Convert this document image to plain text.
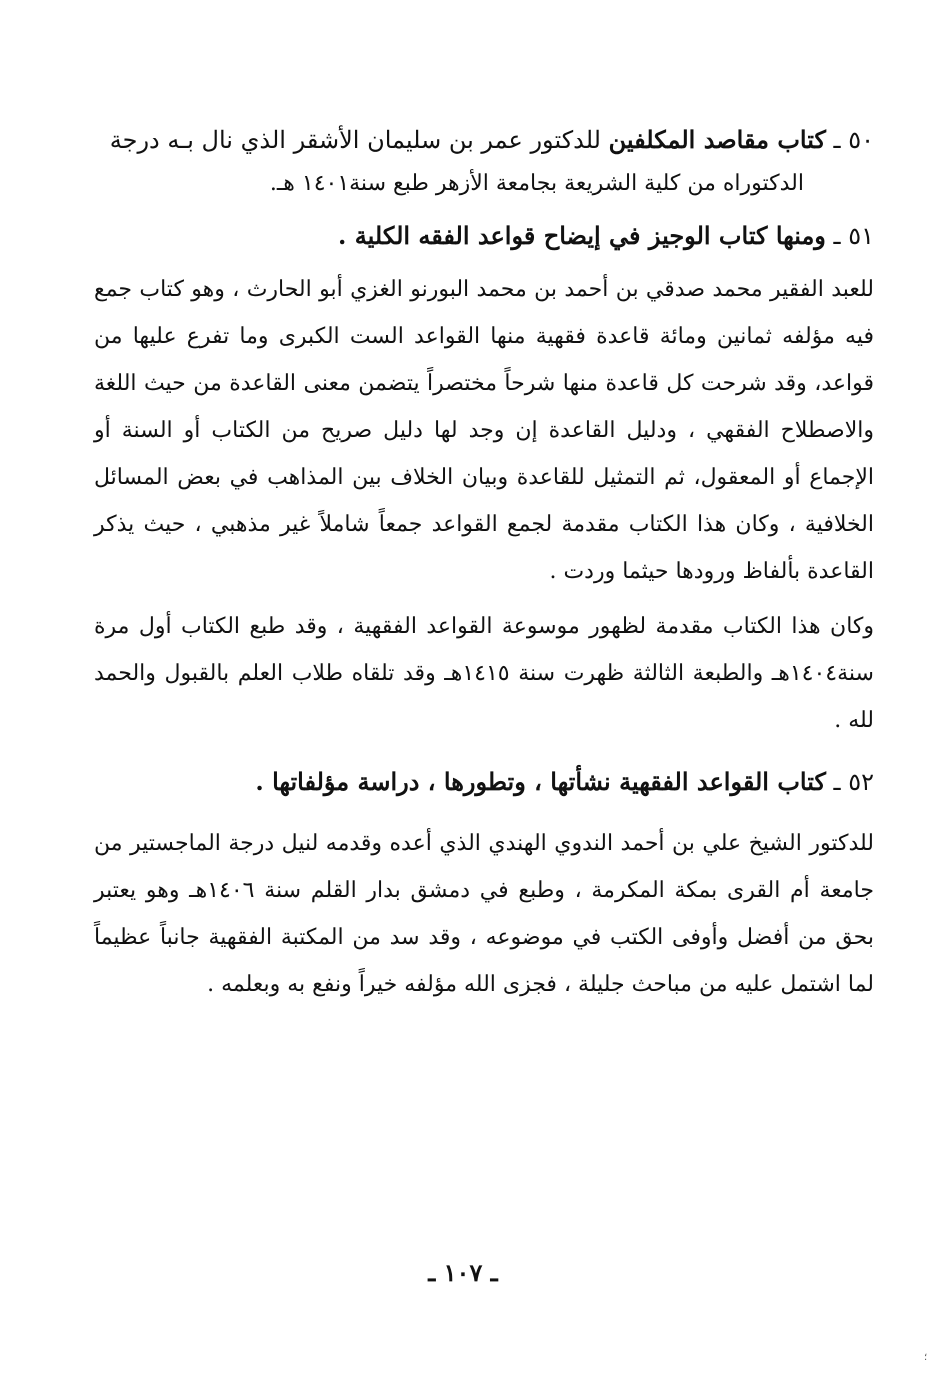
٥٠ ـ كتاب مقاصد المكلفين للدكتور عمر بن سليمان الأشقر الذي نال بـه درجة
الدكتوراه من كلية الشريعة بجامعة الأزهر طبع سنة١٤٠١ هـ.
٥١ ـ ومنها كتاب الوجيز في إيضاح قواعد الفقه الكلية .

للعبد الفقير محمد صدقي بن أحمد بن محمد البورنو الغزي أبو الحارث ، وهو كتاب جمع فيه مؤلفه ثمانين ومائة قاعدة فقهية منها القواعد الست الكبرى وما تفرع عليها من قواعد، وقد شرحت كل قاعدة منها شرحاً مختصراً يتضمن معنى القاعدة من حيث اللغة والاصطلاح الفقهي ، ودليل القاعدة إن وجد لها دليل صريح من الكتاب أو السنة أو الإجماع أو المعقول، ثم التمثيل للقاعدة وبيان الخلاف بين المذاهب في بعض المسائل الخلافية ، وكان هذا الكتاب مقدمة لجمع القواعد جمعاً شاملاً غير مذهبي ، حيث يذكر القاعدة بألفاظ ورودها حيثما وردت .

وكان هذا الكتاب مقدمة لظهور موسوعة القواعد الفقهية ، وقد طبع الكتاب أول مرة سنة١٤٠٤هـ والطبعة الثالثة ظهرت سنة ١٤١٥هـ وقد تلقاه طلاب العلم بالقبول والحمد لله .

٥٢ ـ كتاب القواعد الفقهية نشأتها ، وتطورها ، دراسة مؤلفاتها .

للدكتور الشيخ علي بن أحمد الندوي الهندي الذي أعده وقدمه لنيل درجة الماجستير من جامعة أم القرى بمكة المكرمة ، وطبع في دمشق بدار القلم سنة ١٤٠٦هـ وهو يعتبر بحق من أفضل وأوفى الكتب في موضوعه ، وقد سد من المكتبة الفقهية جانباً عظيماً لما اشتمل عليه من مباحث جليلة ، فجزى الله مؤلفه خيراً ونفع به وبعلمه .

ـ ١٠٧ ـ
؛
